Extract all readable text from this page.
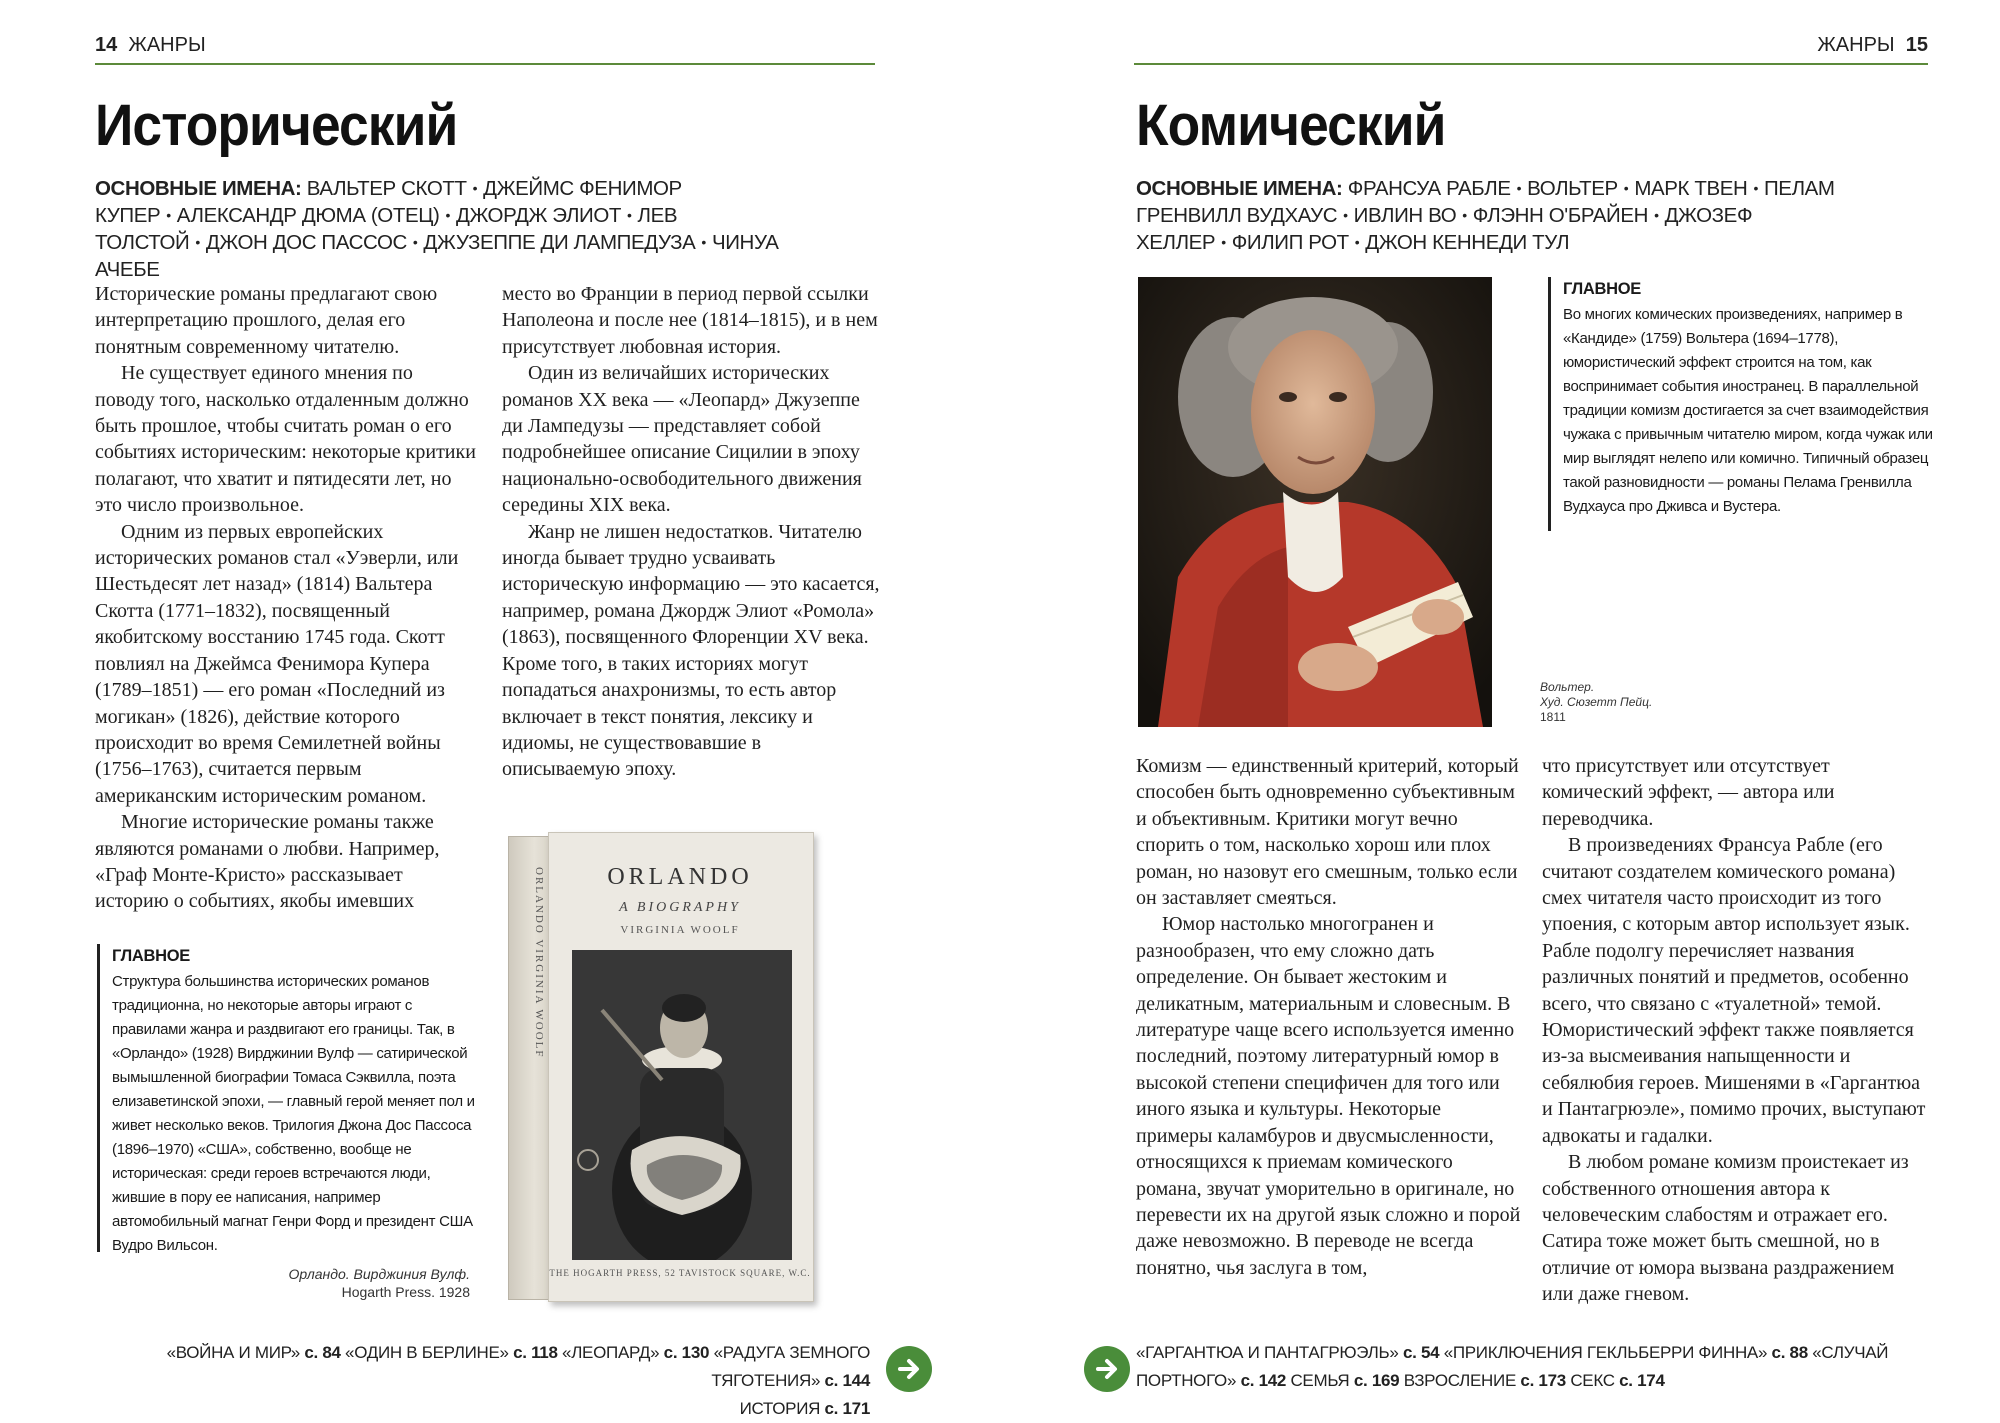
14 ЖАНРЫ
Исторический
ОСНОВНЫЕ ИМЕНА: ВАЛЬТЕР СКОТТ • ДЖЕЙМС ФЕНИМОР КУПЕР • АЛЕКСАНДР ДЮМА (ОТЕЦ) • ДЖОРДЖ ЭЛИОТ • ЛЕВ ТОЛСТОЙ • ДЖОН ДОС ПАССОС • ДЖУЗЕППЕ ДИ ЛАМПЕДУЗА • ЧИНУА АЧЕБЕ

Исторические романы предлагают свою интерпретацию прошлого, делая его понятным современному читателю.

Не существует единого мнения по поводу того, насколько отдаленным должно быть прошлое, чтобы считать роман о его событиях историческим: некоторые критики полагают, что хватит и пятидесяти лет, но это число произвольное.

Одним из первых европейских исторических романов стал «Уэверли, или Шестьдесят лет назад» (1814) Вальтера Скотта (1771–1832), посвященный якобитскому восстанию 1745 года. Скотт повлиял на Джеймса Фенимора Купера (1789–1851) — его роман «Последний из могикан» (1826), действие которого происходит во время Семилетней войны (1756–1763), считается первым американским историческим романом.

Многие исторические романы также являются романами о любви. Например, «Граф Монте-Кристо» рассказывает историю о событиях, якобы имевших

место во Франции в период первой ссылки Наполеона и после нее (1814–1815), и в нем присутствует любовная история.

Один из величайших исторических романов XX века — «Леопард» Джузеппе ди Лампедузы — представляет собой подробнейшее описание Сицилии в эпоху национально-освободительного движения середины XIX века.

Жанр не лишен недостатков. Читателю иногда бывает трудно усваивать историческую информацию — это касается, например, романа Джордж Элиот «Ромола» (1863), посвященного Флоренции XV века. Кроме того, в таких историях могут попадаться анахронизмы, то есть автор включает в текст понятия, лексику и идиомы, не существовавшие в описываемую эпоху.

ГЛАВНОЕ

Структура большинства исторических романов традиционна, но некоторые авторы играют с правилами жанра и раздвигают его границы. Так, в «Орландо» (1928) Вирджинии Вулф — сатирической вымышленной биографии Томаса Сэквилла, поэта елизаветинской эпохи, — главный герой меняет пол и живет несколько веков. Трилогия Джона Дос Пассоса (1896–1970) «США», собственно, вообще не историческая: среди героев встречаются люди, жившие в пору ее написания, например автомобильный магнат Генри Форд и президент США Вудро Вильсон.

ORLANDO VIRGINIA WOOLF	ORLANDO
A BIOGRAPHY
VIRGINIA WOOLF
THE HOGARTH PRESS, 52 TAVISTOCK SQUARE, W.C.
Орландо. Вирджиния Вулф.
Hogarth Press. 1928
«ВОЙНА И МИР» с. 84 «ОДИН В БЕРЛИНЕ» с. 118 «ЛЕОПАРД» с. 130 «РАДУГА ЗЕМНОГО ТЯГОТЕНИЯ» с. 144
ИСТОРИЯ с. 171
ЖАНРЫ 15
Комический
ОСНОВНЫЕ ИМЕНА: ФРАНСУА РАБЛЕ • ВОЛЬТЕР • МАРК ТВЕН • ПЕЛАМ ГРЕНВИЛЛ ВУДХАУС • ИВЛИН ВО • ФЛЭНН О'БРАЙЕН • ДЖОЗЕФ ХЕЛЛЕР • ФИЛИП РОТ • ДЖОН КЕННЕДИ ТУЛ
ГЛАВНОЕ

Во многих комических произведениях, например в «Кандиде» (1759) Вольтера (1694–1778), юмористический эффект строится на том, как воспринимает события иностранец. В параллельной традиции комизм достигается за счет взаимодействия чужака с привычным читателю миром, когда чужак или мир выглядят нелепо или комично. Типичный образец такой разновидности — романы Пелама Гренвилла Вудхауса про Дживса и Вустера.

Вольтер.
Худ. Сюзетт Пейц.
1811

Комизм — единственный критерий, который способен быть одновременно субъективным и объективным. Критики могут вечно спорить о том, насколько хорош или плох роман, но назовут его смешным, только если он заставляет смеяться.

Юмор настолько многогранен и разнообразен, что ему сложно дать определение. Он бывает жестоким и деликатным, материальным и словесным. В литературе чаще всего используется именно последний, поэтому литературный юмор в высокой степени специфичен для того или иного языка и культуры. Некоторые примеры каламбуров и двусмысленности, относящихся к приемам комического романа, звучат уморительно в оригинале, но перевести их на другой язык сложно и порой даже невозможно. В переводе не всегда понятно, чья заслуга в том,

что присутствует или отсутствует комический эффект, — автора или переводчика.

В произведениях Франсуа Рабле (его считают создателем комического романа) смех читателя часто происходит из того упоения, с которым автор использует язык. Рабле подолгу перечисляет названия различных понятий и предметов, особенно всего, что связано с «туалетной» темой. Юмористический эффект также появляется из-за высмеивания напыщенности и себялюбия героев. Мишенями в «Гаргантюа и Пантагрюэле», помимо прочих, выступают адвокаты и гадалки.

В любом романе комизм проистекает из собственного отношения автора к человеческим слабостям и отражает его. Сатира тоже может быть смешной, но в отличие от юмора вызвана раздражением или даже гневом.

«ГАРГАНТЮА И ПАНТАГРЮЭЛЬ» с. 54 «ПРИКЛЮЧЕНИЯ ГЕКЛЬБЕРРИ ФИННА» с. 88 «СЛУЧАЙ
ПОРТНОГО» с. 142 СЕМЬЯ с. 169 ВЗРОСЛЕНИЕ с. 173 СЕКС с. 174
